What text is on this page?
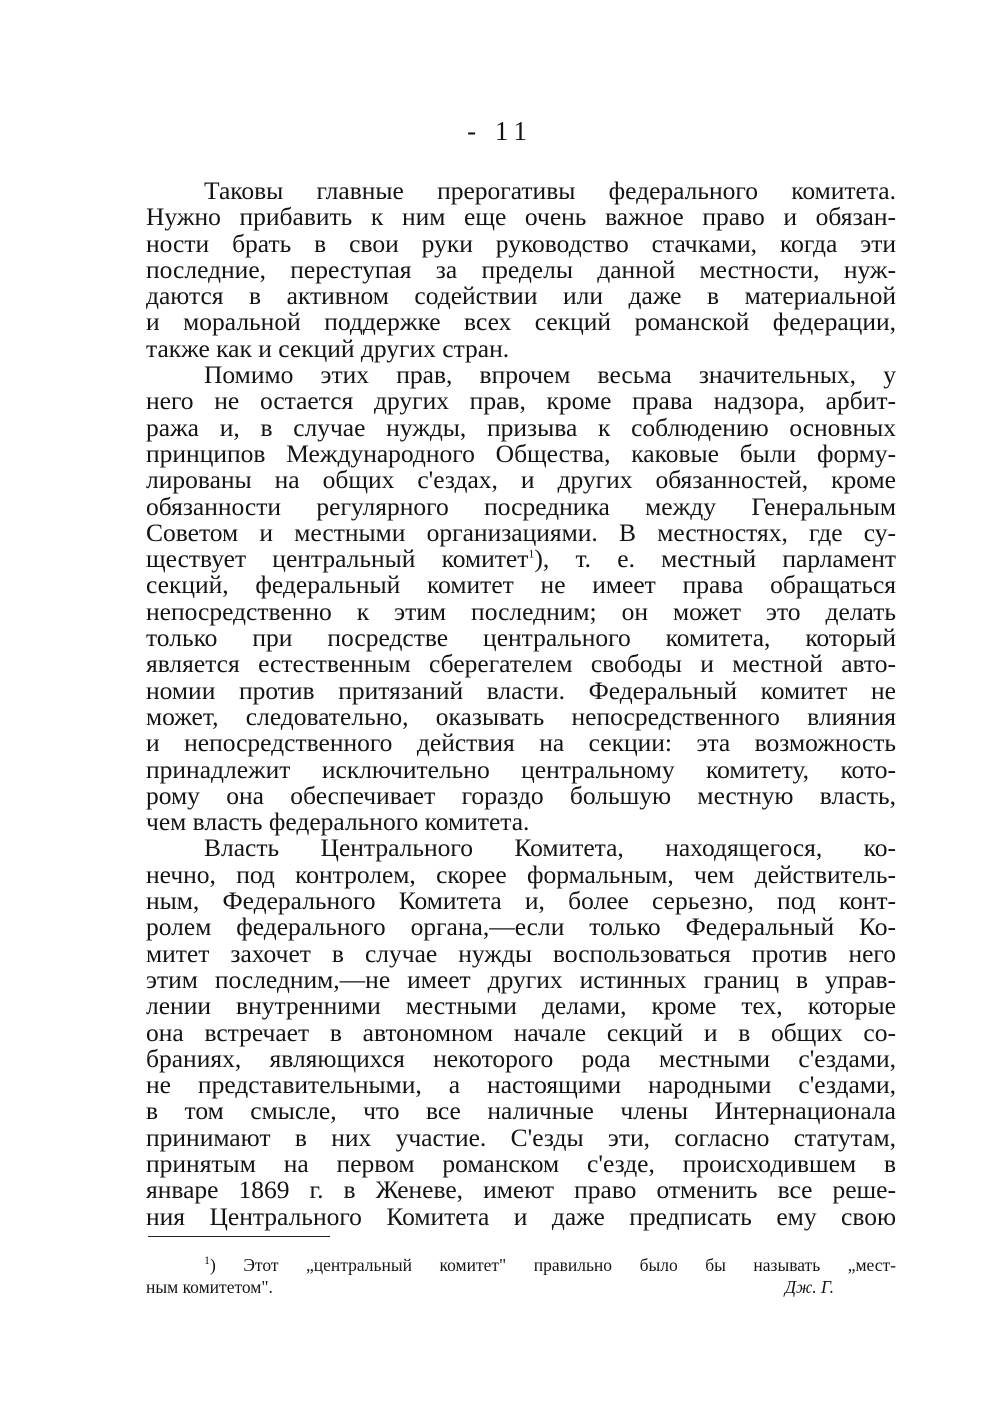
- 11

Таковы главные прерогативы федерального комитета.
Нужно прибавить к ним еще очень важное право и обязан-
ности брать в свои руки руководство стачками, когда эти
последние, переступая за пределы данной местности, нуж-
даются в активном содействии или даже в материальной
и моральной поддержке всех секций романской федерации,
также как и секций других стран.

Помимо этих прав, впрочем весьма значительных, у
него не остается других прав, кроме права надзора, арбит-
ража и, в случае нужды, призыва к соблюдению основных
принципов Международного Общества, каковые были форму-
лированы на общих с'ездах, и других обязанностей, кроме
обязанности регулярного посредника между Генеральным
Советом и местными организациями. В местностях, где су-
ществует центральный комитет$^1$), т. е. местный парламент
секций, федеральный комитет не имеет права обращаться
непосредственно к этим последним; он может это делать
только при посредстве центрального комитета, который
является естественным сберегателем свободы и местной авто-
номии против притязаний власти. Федеральный комитет не
может, следовательно, оказывать непосредственного влияния
и непосредственного действия на секции: эта возможность
принадлежит исключительно центральному комитету, кото-
рому она обеспечивает гораздо большую местную власть,
чем власть федерального комитета.

Власть Центрального Комитета, находящегося, ко-
нечно, под контролем, скорее формальным, чем действитель-
ным, Федерального Комитета и, более серьезно, под конт-
ролем федерального органа,—если только Федеральный Ко-
митет захочет в случае нужды воспользоваться против него
этим последним,—не имеет других истинных границ в управ-
лении внутренними местными делами, кроме тех, которые
она встречает в автономном начале секций и в общих со-
браниях, являющихся некоторого рода местными с'ездами,
не представительными, а настоящими народными с'ездами,
в том смысле, что все наличные члены Интернационала
принимают в них участие. С'езды эти, согласно статутам,
принятым на первом романском с'езде, происходившем в
январе 1869 г. в Женеве, имеют право отменить все реше-
ния Центрального Комитета и даже предписать ему свою

$^1$) Этот „центральный комитет" правильно было бы называть „мест-
ным комитетом".	Дж. Г.
